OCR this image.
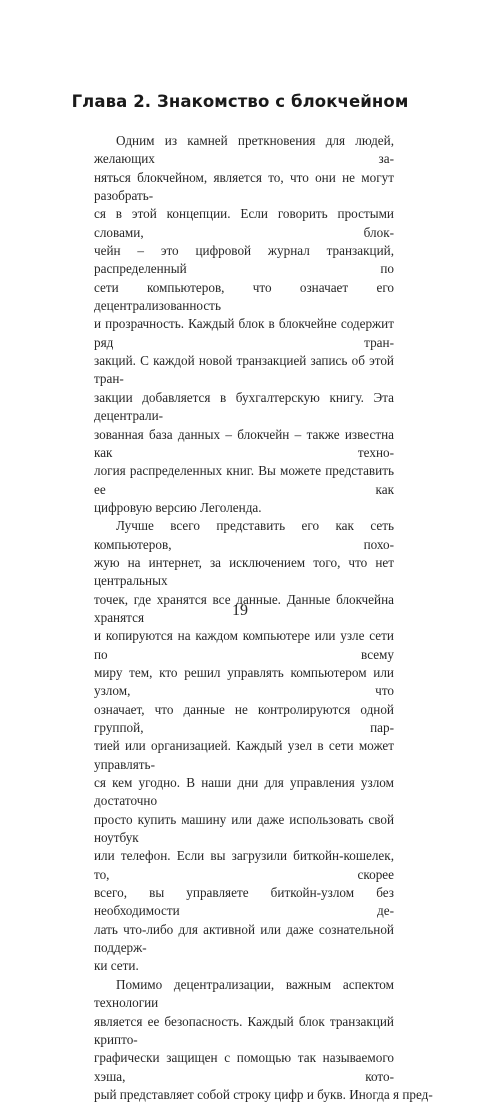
Глава 2. Знакомство с блокчейном

Одним из камней преткновения для людей, желающих за-
няться блокчейном, является то, что они не могут разобрать-
ся в этой концепции. Если говорить простыми словами, блок-
чейн – это цифровой журнал транзакций, распределенный по
сети компьютеров, что означает его децентрализованность
и прозрачность. Каждый блок в блокчейне содержит ряд тран-
закций. С каждой новой транзакцией запись об этой тран-
закции добавляется в бухгалтерскую книгу. Эта децентрали-
зованная база данных – блокчейн – также известна как техно-
логия распределенных книг. Вы можете представить ее как
цифровую версию Леголенда.

Лучше всего представить его как сеть компьютеров, похо-
жую на интернет, за исключением того, что нет центральных
точек, где хранятся все данные. Данные блокчейна хранятся
и копируются на каждом компьютере или узле сети по всему
миру тем, кто решил управлять компьютером или узлом, что
означает, что данные не контролируются одной группой, пар-
тией или организацией. Каждый узел в сети может управлять-
ся кем угодно. В наши дни для управления узлом достаточно
просто купить машину или даже использовать свой ноутбук
или телефон. Если вы загрузили биткойн-кошелек, то, скорее
всего, вы управляете биткойн-узлом без необходимости де-
лать что-либо для активной или даже сознательной поддерж-
ки сети.

Помимо децентрализации, важным аспектом технологии
является ее безопасность. Каждый блок транзакций крипто-
графически защищен с помощью так называемого хэша, кото-
рый представляет собой строку цифр и букв. Иногда я пред-

19
